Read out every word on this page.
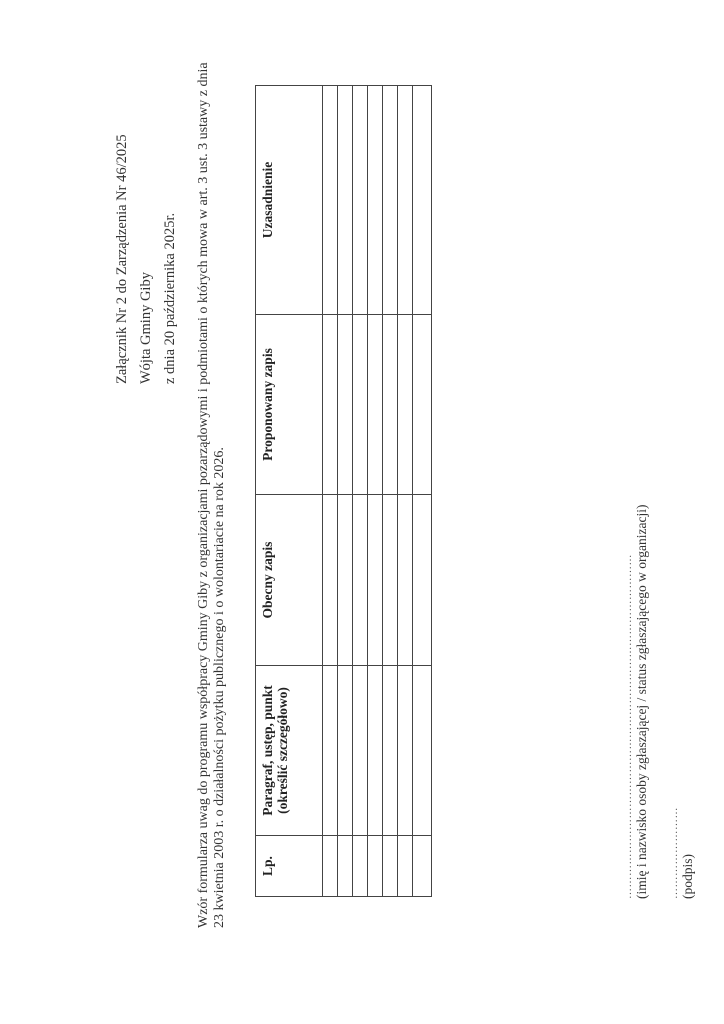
Załącznik Nr 2 do Zarządzenia Nr 46/2025 Wójta Gminy Giby z dnia 20 października 2025r. Wzór formularza uwag do programu współpracy Gminy Giby z organizacjami pozarządowymi i podmiotami o których mowa w art. 3 ust. 3 ustawy z dnia 23 kwietnia 2003 r. o działalności pożytku publicznego i o wolontariacie na rok 2026. Lp.	Paragraf, ustęp, punkt (określić szczegółowo)	Obecny zapis	Proponowany zapis	Uzasadnienie

……………………………………………………………………………… (imię i nazwisko osoby zgłaszającej / status zgłaszającego w organizacji) …………………… (podpis)
